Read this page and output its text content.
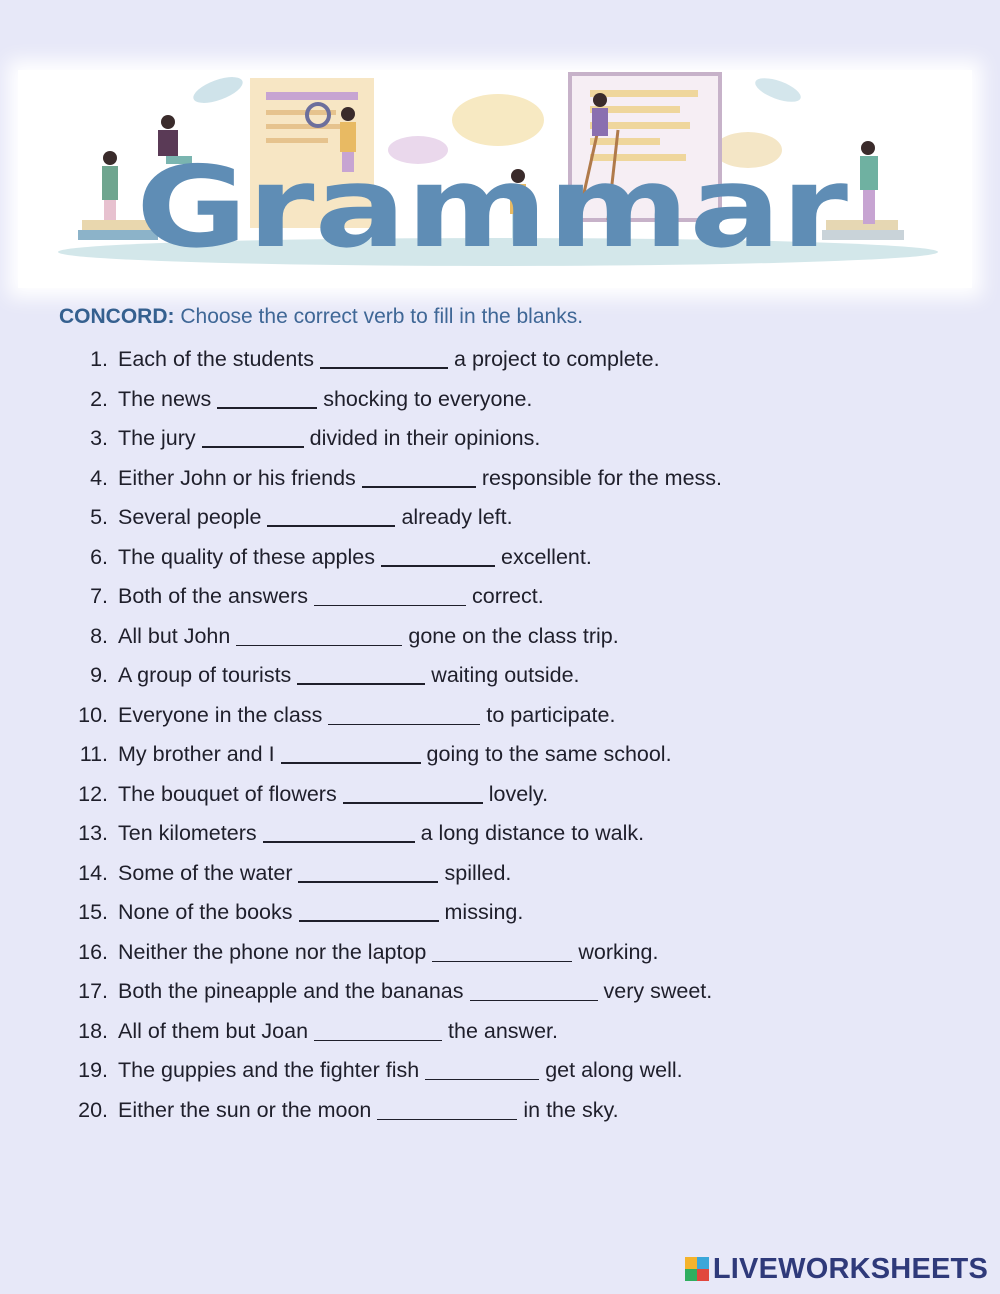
Grammar
CONCORD: Choose the correct verb to fill in the blanks.
1. Each of the students	a project to complete.
2. The news	shocking to everyone.
3. The jury	divided in their opinions.
4. Either John or his friends	responsible for the mess.
5. Several people	already left.
6. The quality of these apples	excellent.
7. Both of the answers	correct.
8. All but John	gone on the class trip.
9. A group of tourists	waiting outside.
10. Everyone in the class	to participate.
11. My brother and I	going to the same school.
12. The bouquet of flowers	lovely.
13. Ten kilometers	a long distance to walk.
14. Some of the water	spilled.
15. None of the books	missing.
16. Neither the phone nor the laptop	working.
17. Both the pineapple and the bananas	very sweet.
18. All of them but Joan	the answer.
19. The guppies and the fighter fish	get along well.
20. Either the sun or the moon	in the sky.
LIVEWORKSHEETS
